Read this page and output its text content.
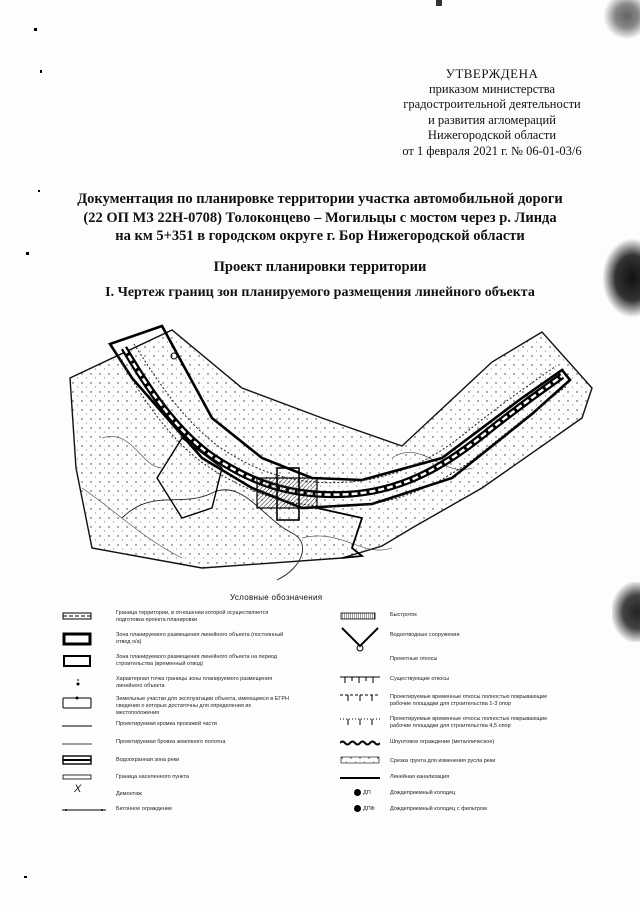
УТВЕРЖДЕНА
приказом министерства
градостроительной деятельности
и развития агломераций
Нижегородской области
от 1 февраля 2021 г. № 06-01-03/6
Документация по планировке территории участка автомобильной дороги
(22 ОП МЗ 22Н-0708) Толоконцево – Могильцы с мостом через р. Линда
на км 5+351 в городском округе г. Бор Нижегородской области
Проект планировки территории
I. Чертеж границ зон планируемого размещения линейного объекта
Условные обозначения
Граница территории, в отношении которой осуществляется подготовка проекта планировки
Зона планируемого размещения линейного объекта (постоянный отвод о/а)
Зона планируемого размещения линейного объекта на период строительства (временный отвод)
Характерная точка границы зоны планируемого размещения линейного объекта
Земельные участки для эксплуатации объекта, имеющиеся в ЕГРН сведения о которых достаточны для определения их местоположения
Проектируемая кромка проезжей части
Проектируемая бровка земляного полотна
Водоохранная зона реки
Граница населенного пункта
X	Демонтаж
Бетонное ограждение
Быстроток
Водоотводные сооружения
Проектные откосы
Существующие откосы
Проектируемые временные откосы полностью покрывающие рабочие площадки для строительства 1-3 опор
Проектируемые временные откосы полностью покрывающие рабочие площадки для строительства 4,5 опор
Шпунтовое ограждение (металлическое)
Срезка грунта для изменения русла реки
Линейная канализация
ДП	Дождеприемный колодец
ДПФ	Дождеприемный колодец с фильтром
